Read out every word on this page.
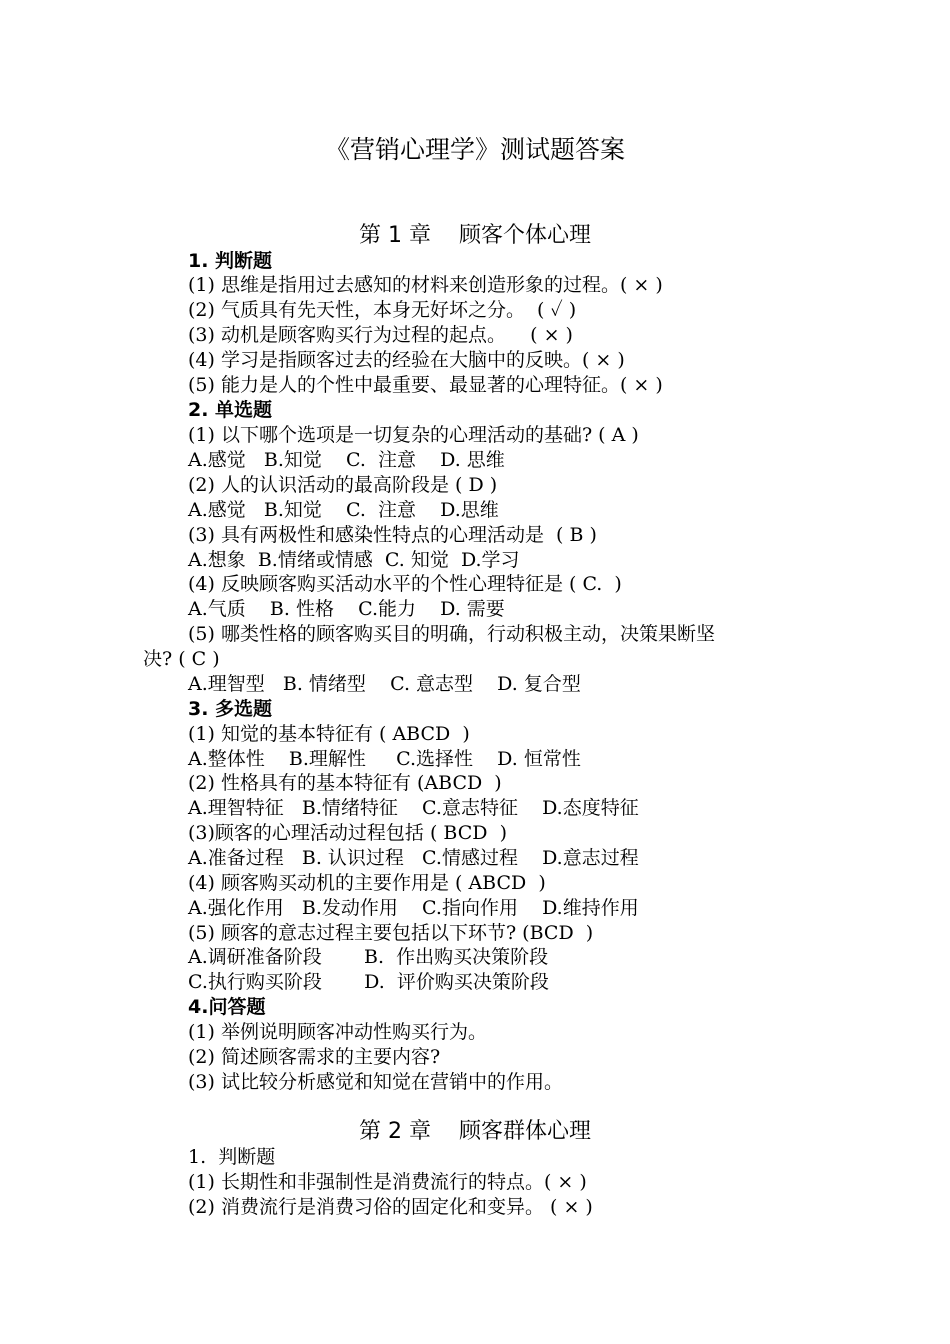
《营销心理学》测试题答案
第 1 章    顾客个体心理
1. 判断题
(1) 思维是指用过去感知的材料来创造形象的过程。( × )
(2) 气质具有先天性，本身无好坏之分。  ( ✓ )
(3) 动机是顾客购买行为过程的起点。    ( × )
(4) 学习是指顾客过去的经验在大脑中的反映。( × )
(5) 能力是人的个性中最重要、最显著的心理特征。( × )
2. 单选题
(1) 以下哪个选项是一切复杂的心理活动的基础? ( A )
A.感觉   B.知觉    C.  注意    D. 思维
(2) 人的认识活动的最高阶段是 ( D )
A.感觉   B.知觉    C.  注意    D.思维
(3) 具有两极性和感染性特点的心理活动是  ( B )
A.想象  B.情绪或情感  C. 知觉  D.学习
(4) 反映顾客购买活动水平的个性心理特征是 ( C.  )
A.气质    B. 性格    C.能力    D. 需要
(5) 哪类性格的顾客购买目的明确，行动积极主动，决策果断坚
决? ( C )
A.理智型   B. 情绪型    C. 意志型    D. 复合型
3. 多选题
(1) 知觉的基本特征有 ( ABCD  )
A.整体性    B.理解性     C.选择性    D. 恒常性
(2) 性格具有的基本特征有 (ABCD  )
A.理智特征   B.情绪特征    C.意志特征    D.态度特征
(3)顾客的心理活动过程包括 ( BCD  )
A.准备过程   B. 认识过程   C.情感过程    D.意志过程
(4) 顾客购买动机的主要作用是 ( ABCD  )
A.强化作用   B.发动作用    C.指向作用    D.维持作用
(5) 顾客的意志过程主要包括以下环节? (BCD  )
A.调研准备阶段       B.  作出购买决策阶段
C.执行购买阶段       D.  评价购买决策阶段
4.问答题
(1) 举例说明顾客冲动性购买行为。
(2) 简述顾客需求的主要内容?
(3) 试比较分析感觉和知觉在营销中的作用。
第 2 章    顾客群体心理
1.  判断题
(1) 长期性和非强制性是消费流行的特点。( × )
(2) 消费流行是消费习俗的固定化和变异。 ( × )
